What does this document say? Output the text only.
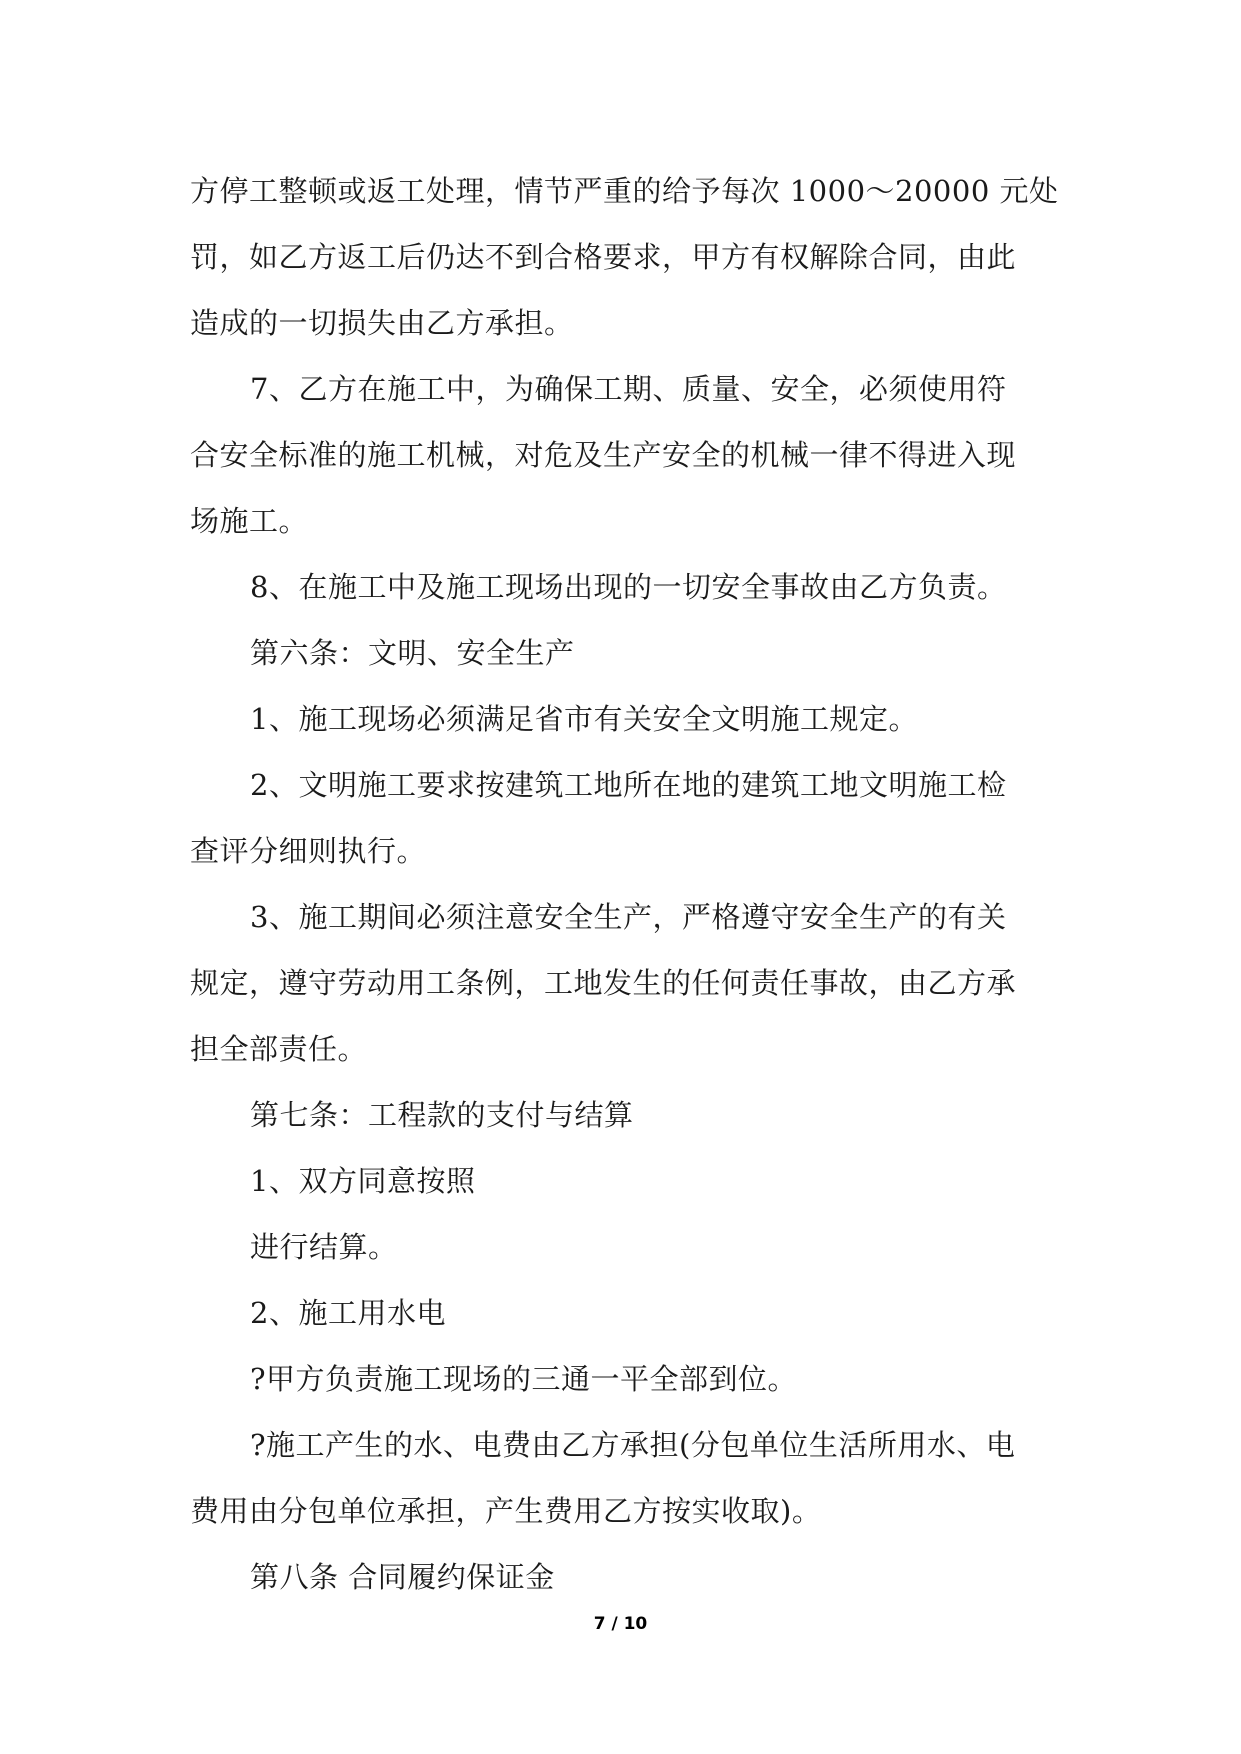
方停工整顿或返工处理，情节严重的给予每次 1000～20000 元处
罚，如乙方返工后仍达不到合格要求，甲方有权解除合同，由此
造成的一切损失由乙方承担。
7、乙方在施工中，为确保工期、质量、安全，必须使用符
合安全标准的施工机械，对危及生产安全的机械一律不得进入现
场施工。
8、在施工中及施工现场出现的一切安全事故由乙方负责。
第六条：文明、安全生产
1、施工现场必须满足省市有关安全文明施工规定。
2、文明施工要求按建筑工地所在地的建筑工地文明施工检
查评分细则执行。
3、施工期间必须注意安全生产，严格遵守安全生产的有关
规定，遵守劳动用工条例，工地发生的任何责任事故，由乙方承
担全部责任。
第七条：工程款的支付与结算
1、双方同意按照
进行结算。
2、施工用水电
?甲方负责施工现场的三通一平全部到位。
?施工产生的水、电费由乙方承担(分包单位生活所用水、电
费用由分包单位承担，产生费用乙方按实收取)。
第八条 合同履约保证金
7 / 10
